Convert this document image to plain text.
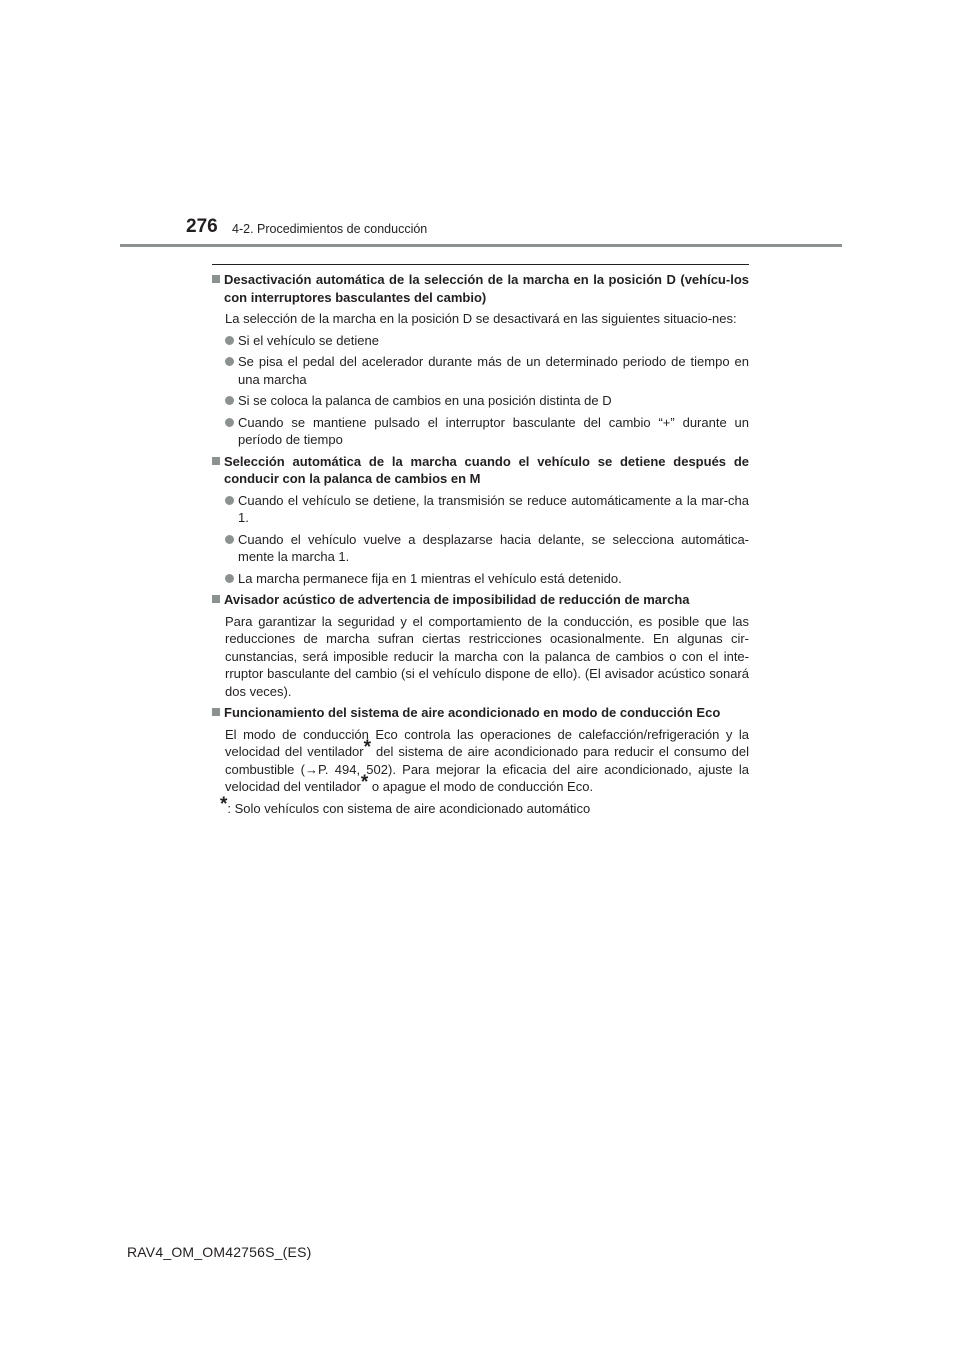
276 4-2. Procedimientos de conducción
Desactivación automática de la selección de la marcha en la posición D (vehícu-los con interruptores basculantes del cambio)
La selección de la marcha en la posición D se desactivará en las siguientes situacio-nes:
Si el vehículo se detiene
Se pisa el pedal del acelerador durante más de un determinado periodo de tiempo en una marcha
Si se coloca la palanca de cambios en una posición distinta de D
Cuando se mantiene pulsado el interruptor basculante del cambio “+” durante un período de tiempo
Selección automática de la marcha cuando el vehículo se detiene después de conducir con la palanca de cambios en M
Cuando el vehículo se detiene, la transmisión se reduce automáticamente a la mar-cha 1.
Cuando el vehículo vuelve a desplazarse hacia delante, se selecciona automática-mente la marcha 1.
La marcha permanece fija en 1 mientras el vehículo está detenido.
Avisador acústico de advertencia de imposibilidad de reducción de marcha
Para garantizar la seguridad y el comportamiento de la conducción, es posible que las reducciones de marcha sufran ciertas restricciones ocasionalmente. En algunas cir-cunstancias, será imposible reducir la marcha con la palanca de cambios o con el inte-rruptor basculante del cambio (si el vehículo dispone de ello). (El avisador acústico sonará dos veces).
Funcionamiento del sistema de aire acondicionado en modo de conducción Eco
El modo de conducción Eco controla las operaciones de calefacción/refrigeración y la velocidad del ventilador* del sistema de aire acondicionado para reducir el consumo del combustible (→P. 494, 502). Para mejorar la eficacia del aire acondicionado, ajuste la velocidad del ventilador* o apague el modo de conducción Eco.
*: Solo vehículos con sistema de aire acondicionado automático
RAV4_OM_OM42756S_(ES)
